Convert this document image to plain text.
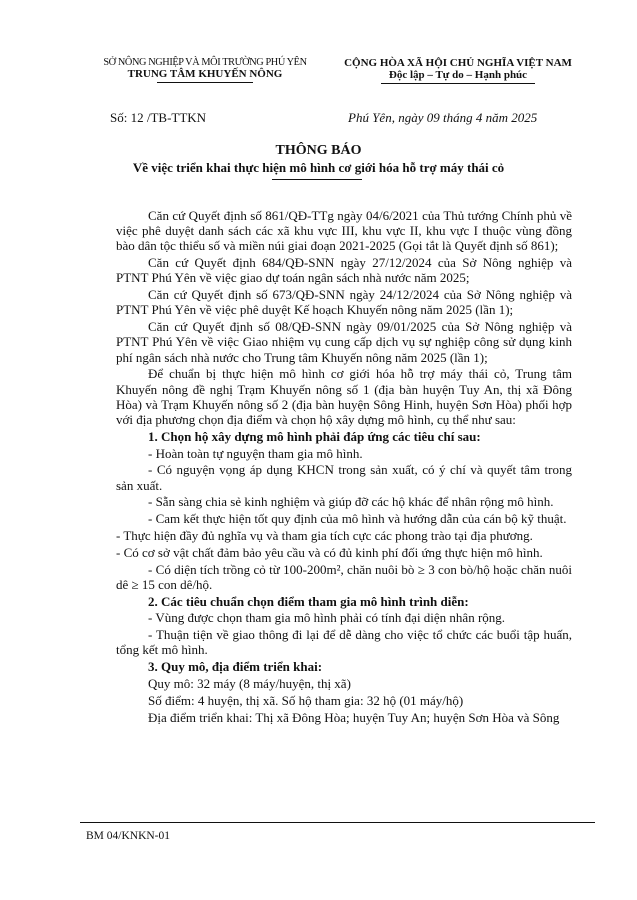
SỞ NÔNG NGHIỆP VÀ MÔI TRƯỜNG PHÚ YÊN
TRUNG TÂM KHUYẾN NÔNG
CỘNG HÒA XÃ HỘI CHỦ NGHĨA VIỆT NAM
Độc lập – Tự do – Hạnh phúc
Số: 12 /TB-TTKN	Phú Yên, ngày 09 tháng 4 năm 2025
THÔNG BÁO
Về việc triển khai thực hiện mô hình cơ giới hóa hỗ trợ máy thái cỏ

Căn cứ Quyết định số 861/QĐ-TTg ngày 04/6/2021 của Thủ tướng Chính phủ về việc phê duyệt danh sách các xã khu vực III, khu vực II, khu vực I thuộc vùng đồng bào dân tộc thiểu số và miền núi giai đoạn 2021-2025 (Gọi tắt là Quyết định số 861);

Căn cứ Quyết định 684/QĐ-SNN ngày 27/12/2024 của Sở Nông nghiệp và PTNT Phú Yên về việc giao dự toán ngân sách nhà nước năm 2025;

Căn cứ Quyết định số 673/QĐ-SNN ngày 24/12/2024 của Sở Nông nghiệp và PTNT Phú Yên về việc phê duyệt Kế hoạch Khuyến nông năm 2025 (lần 1);

Căn cứ Quyết định số 08/QĐ-SNN ngày 09/01/2025 của Sở Nông nghiệp và PTNT Phú Yên về việc Giao nhiệm vụ cung cấp dịch vụ sự nghiệp công sử dụng kinh phí ngân sách nhà nước cho Trung tâm Khuyến nông năm 2025 (lần 1);

Để chuẩn bị thực hiện mô hình cơ giới hóa hỗ trợ máy thái cỏ, Trung tâm Khuyến nông đề nghị Trạm Khuyến nông số 1 (địa bàn huyện Tuy An, thị xã Đông Hòa) và Trạm Khuyến nông số 2 (địa bàn huyện Sông Hinh, huyện Sơn Hòa) phối hợp với địa phương chọn địa điểm và chọn hộ xây dựng mô hình, cụ thể như sau:

1. Chọn hộ xây dựng mô hình phải đáp ứng các tiêu chí sau:

- Hoàn toàn tự nguyện tham gia mô hình.

- Có nguyện vọng áp dụng KHCN trong sản xuất, có ý chí và quyết tâm trong sản xuất.

- Sẵn sàng chia sẻ kinh nghiệm và giúp đỡ các hộ khác để nhân rộng mô hình.

- Cam kết thực hiện tốt quy định của mô hình và hướng dẫn của cán bộ kỹ thuật.

- Thực hiện đầy đủ nghĩa vụ và tham gia tích cực các phong trào tại địa phương.

- Có cơ sở vật chất đảm bảo yêu cầu và có đủ kinh phí đối ứng thực hiện mô hình.

- Có diện tích trồng cỏ từ 100-200m², chăn nuôi bò ≥ 3 con bò/hộ hoặc chăn nuôi dê ≥ 15 con dê/hộ.

2. Các tiêu chuẩn chọn điểm tham gia mô hình trình diễn:

- Vùng được chọn tham gia mô hình phải có tính đại diện nhân rộng.

- Thuận tiện về giao thông đi lại để dễ dàng cho việc tổ chức các buổi tập huấn, tổng kết mô hình.

3. Quy mô, địa điểm triển khai:

Quy mô: 32 máy (8 máy/huyện, thị xã)

Số điểm: 4 huyện, thị xã. Số hộ tham gia: 32 hộ (01 máy/hộ)

Địa điểm triển khai: Thị xã Đông Hòa; huyện Tuy An; huyện Sơn Hòa và Sông

BM 04/KNKN-01
